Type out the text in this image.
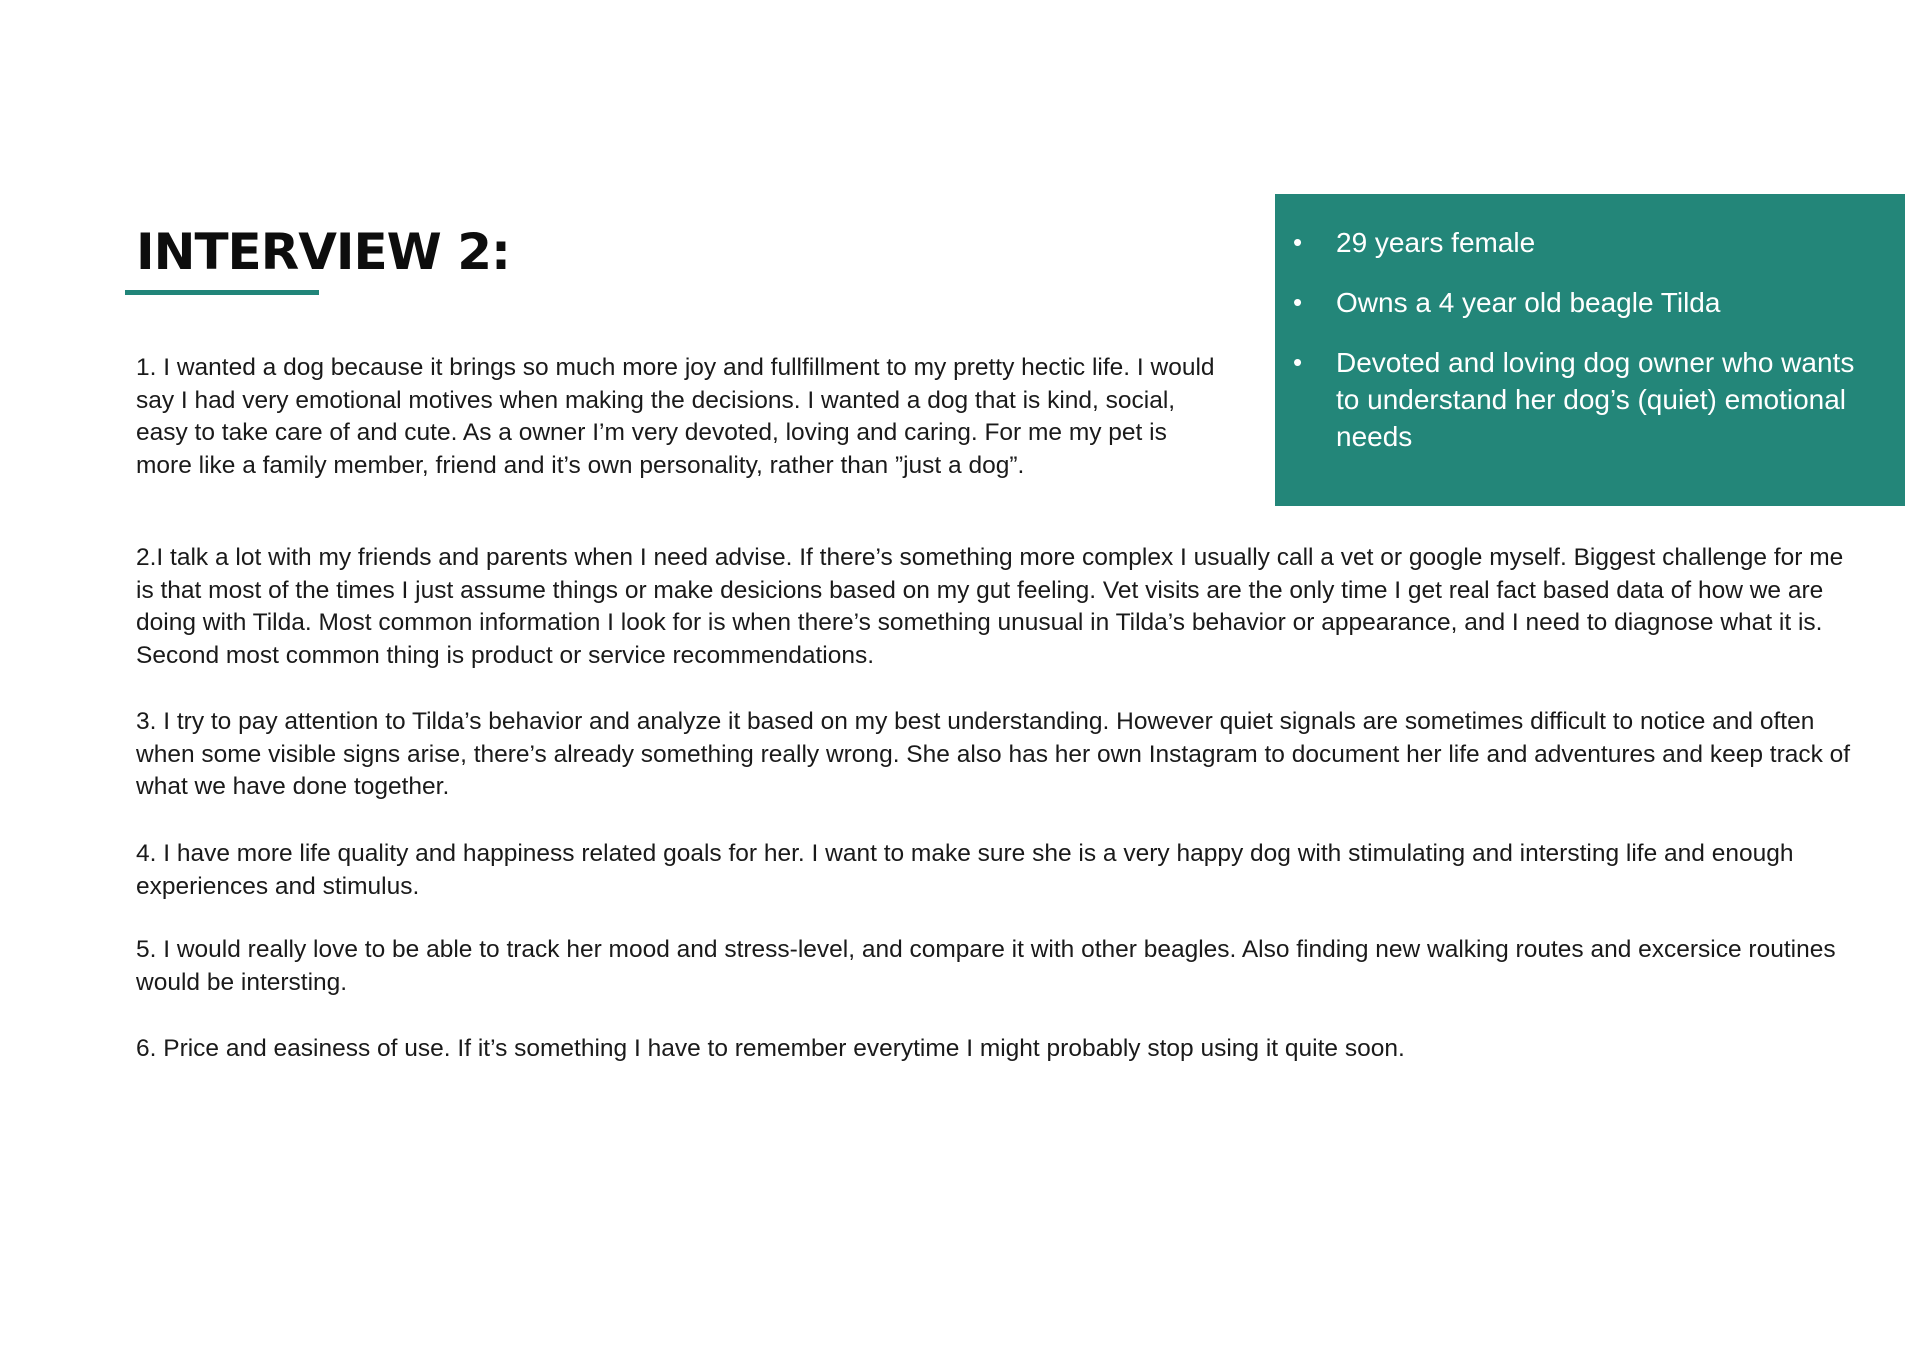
INTERVIEW 2:	• 29 years female
• Owns a 4 year old beagle Tilda
• Devoted and loving dog owner who wants to understand her dog’s (quiet) emotional needs

1. I wanted a dog because it brings so much more joy and fullfillment to my pretty hectic life. I would say I had very emotional motives when making the decisions. I wanted a dog that is kind, social, easy to take care of and cute. As a owner I’m very devoted, loving and caring. For me my pet is more like a family member, friend and it’s own personality, rather than ”just a dog”.

2.I talk a lot with my friends and parents when I need advise. If there’s something more complex I usually call a vet or google myself. Biggest challenge for me is that most of the times I just assume things or make desicions based on my gut feeling. Vet visits are the only time I get real fact based data of how we are doing with Tilda. Most common information I look for is when there’s something unusual in Tilda’s behavior or appearance, and I need to diagnose what it is. Second most common thing is product or service recommendations.

3. I try to pay attention to Tilda’s behavior and analyze it based on my best understanding. However quiet signals are sometimes difficult to notice and often when some visible signs arise, there’s already something really wrong. She also has her own Instagram to document her life and adventures and keep track of what we have done together.

4. I have more life quality and happiness related goals for her. I want to make sure she is a very happy dog with stimulating and intersting life and enough experiences and stimulus.

5. I would really love to be able to track her mood and stress-level, and compare it with other beagles. Also finding new walking routes and excersice routines would be intersting.

6. Price and easiness of use. If it’s something I have to remember everytime I might probably stop using it quite soon.
